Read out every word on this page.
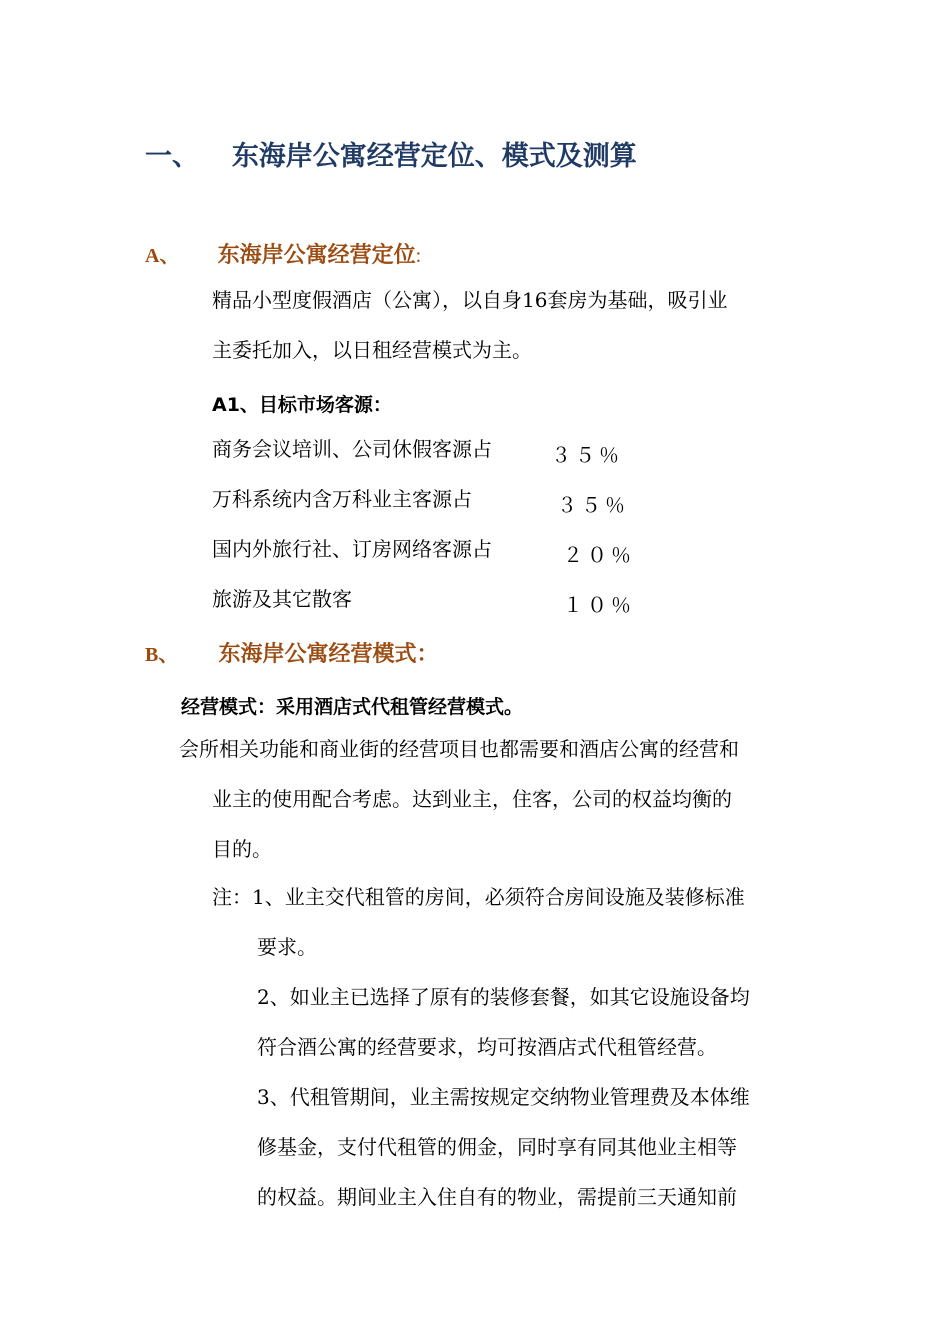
一、 东海岸公寓经营定位、模式及测算
A、 东海岸公寓经营定位:
精品小型度假酒店（公寓），以自身16套房为基础，吸引业
主委托加入，以日租经营模式为主。
A1、目标市场客源：
商务会议培训、公司休假客源占	３５％
万科系统内含万科业主客源占	３５％
国内外旅行社、订房网络客源占	２０％
旅游及其它散客	１０％
B、 东海岸公寓经营模式：
经营模式：采用酒店式代租管经营模式。
会所相关功能和商业街的经营项目也都需要和酒店公寓的经营和
业主的使用配合考虑。达到业主，住客，公司的权益均衡的
目的。
注：1、业主交代租管的房间，必须符合房间设施及装修标准
要求。
2、如业主已选择了原有的装修套餐，如其它设施设备均
符合酒公寓的经营要求，均可按酒店式代租管经营。
3、代租管期间，业主需按规定交纳物业管理费及本体维
修基金，支付代租管的佣金，同时享有同其他业主相等
的权益。期间业主入住自有的物业，需提前三天通知前
